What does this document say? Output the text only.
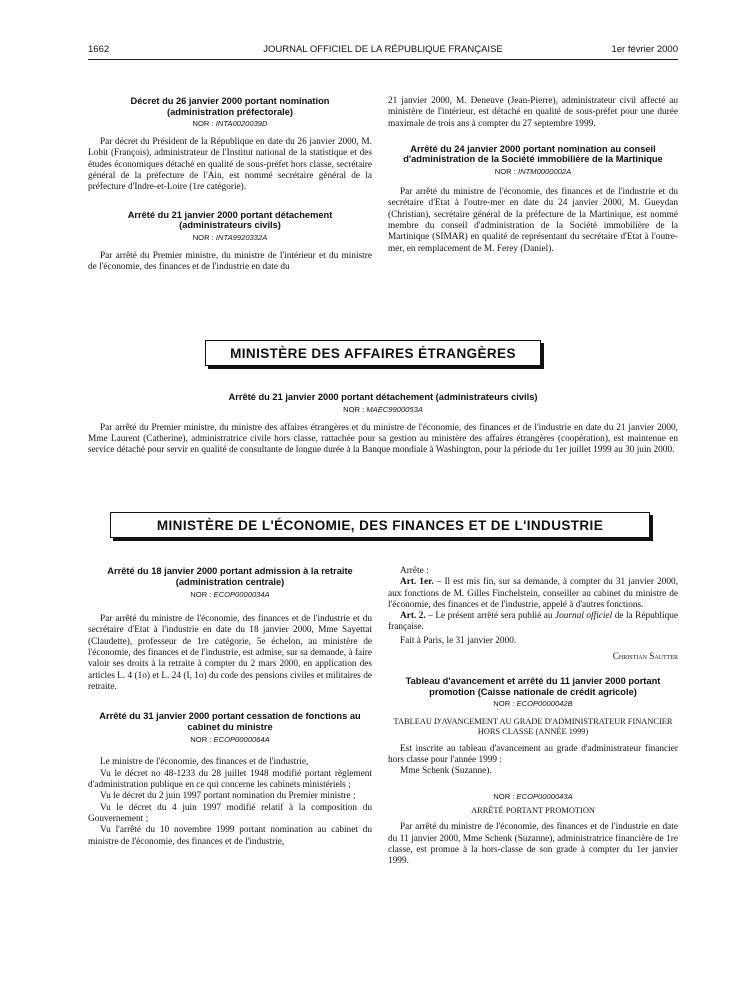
1662	JOURNAL OFFICIEL DE LA RÉPUBLIQUE FRANÇAISE	1er février 2000
Décret du 26 janvier 2000 portant nomination (administration préfectorale)
NOR : INTA0020039D

Par décret du Président de la République en date du 26 janvier 2000, M. Lobit (François), administrateur de l'Institut national de la statistique et des études économiques détaché en qualité de sous-préfet hors classe, secrétaire général de la préfecture de l'Ain, est nommé secrétaire général de la préfecture d'Indre-et-Loire (1re catégorie).

Arrêté du 21 janvier 2000 portant détachement (administrateurs civils)
NOR : INTA9920332A

Par arrêté du Premier ministre, du ministre de l'intérieur et du ministre de l'économie, des finances et de l'industrie en date du

21 janvier 2000, M. Deneuve (Jean-Pierre), administrateur civil affecté au ministère de l'intérieur, est détaché en qualité de sous-préfet pour une durée maximale de trois ans à compter du 27 septembre 1999.

Arrêté du 24 janvier 2000 portant nomination au conseil d'administration de la Société immobilière de la Martinique
NOR : INTM0000002A

Par arrêté du ministre de l'économie, des finances et de l'industrie et du secrétaire d'Etat à l'outre-mer en date du 24 janvier 2000, M. Gueydan (Christian), secrétaire général de la préfecture de la Martinique, est nommé membre du conseil d'administration de la Société immobilière de la Martinique (SIMAR) en qualité de représentant du secrétaire d'Etat à l'outre-mer, en remplacement de M. Ferey (Daniel).

MINISTÈRE DES AFFAIRES ÉTRANGÈRES
Arrêté du 21 janvier 2000 portant détachement (administrateurs civils)
NOR : MAEC9900053A

Par arrêté du Premier ministre, du ministre des affaires étrangères et du ministre de l'économie, des finances et de l'industrie en date du 21 janvier 2000, Mme Laurent (Catherine), administratrice civile hors classe, rattachée pour sa gestion au ministère des affaires étrangères (coopération), est maintenue en service détaché pour servir en qualité de consultante de longue durée à la Banque mondiale à Washington, pour la période du 1er juillet 1999 au 30 juin 2000.

MINISTÈRE DE L'ÉCONOMIE, DES FINANCES ET DE L'INDUSTRIE
Arrêté du 18 janvier 2000 portant admission à la retraite (administration centrale)
NOR : ECOP0000034A

Par arrêté du ministre de l'économie, des finances et de l'industrie et du secrétaire d'Etat à l'industrie en date du 18 janvier 2000, Mme Sayettat (Claudette), professeur de 1re catégorie, 5e échelon, au ministère de l'économie, des finances et de l'industrie, est admise, sur sa demande, à faire valoir ses droits à la retraite à compter du 2 mars 2000, en application des articles L. 4 (1o) et L. 24 (I, 1o) du code des pensions civiles et militaires de retraite.

Arrêté du 31 janvier 2000 portant cessation de fonctions au cabinet du ministre
NOR : ECOP0000064A

Le ministre de l'économie, des finances et de l'industrie,

Vu le décret no 48-1233 du 28 juillet 1948 modifié portant règlement d'administration publique en ce qui concerne les cabinets ministériels ;

Vu le décret du 2 juin 1997 portant nomination du Premier ministre ;

Vu le décret du 4 juin 1997 modifié relatif à la composition du Gouvernement ;

Vu l'arrêté du 10 novembre 1999 portant nomination au cabinet du ministre de l'économie, des finances et de l'industrie,

Arrête :

Art. 1er. – Il est mis fin, sur sa demande, à compter du 31 janvier 2000, aux fonctions de M. Gilles Finchelstein, conseiller au cabinet du ministre de l'économie, des finances et de l'industrie, appelé à d'autres fonctions.

Art. 2. – Le présent arrêté sera publié au Journal officiel de la République française.

Fait à Paris, le 31 janvier 2000.

Christian Sautter
Tableau d'avancement et arrêté du 11 janvier 2000 portant promotion (Caisse nationale de crédit agricole)
NOR : ECOP0000042B
TABLEAU D'AVANCEMENT AU GRADE D'ADMINISTRATEUR FINANCIER HORS CLASSE (ANNÉE 1999)

Est inscrite au tableau d'avancement au grade d'administrateur financier hors classe pour l'année 1999 :

Mme Schenk (Suzanne).

NOR : ECOP0000043A
ARRÊTÉ PORTANT PROMOTION

Par arrêté du ministre de l'économie, des finances et de l'industrie en date du 11 janvier 2000, Mme Schenk (Suzanne), administratrice financière de 1re classe, est promue à la hors-classe de son grade à compter du 1er janvier 1999.
